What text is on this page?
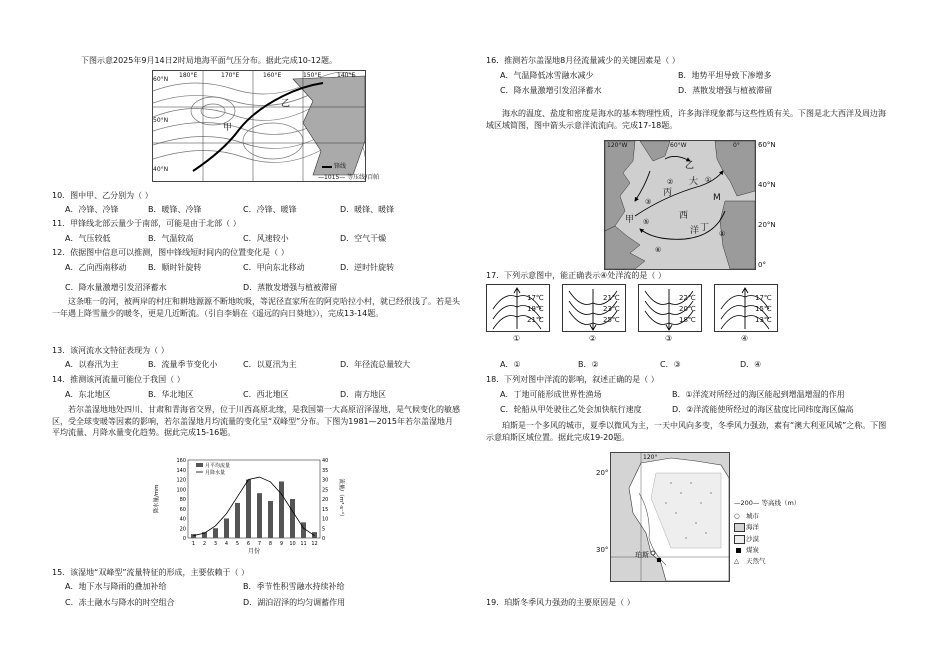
下图示意2025年9月14日2时局地海平面气压分布。据此完成10-12题。
甲
乙
60°N
50°N
40°N
180°E	170°E	160°E	150°E	140°E
锋线
—1015— 等压线/百帕
10．图中甲、乙分别为（ ）
A．冷锋、冷锋	B．暖锋、冷锋	C．冷锋、暖锋	D．暖锋、暖锋
11．甲锋线北部云量少于南部，可能是由于北部（ ）
A．气压较低	B．气温较高	C．风速较小	D．空气干燥
12．依据图中信息可以推测，图中锋线短时间内的位置变化是（ ）
A．乙向西南移动	B．顺时针旋转	C．甲向东北移动	D．逆时针旋转
C．降水量激增引发沼泽蓄水	D．蒸散发增强与植被滞留
这条唯一的河，被两岸的村庄和耕地源源不断地吮吸，等泥径直家所在的阿克哈拉小村，就已经很浅了。若是头一年遇上降雪量少的暖冬，更是几近断流。（引自李娟在《遥远的向日葵地》），完成13-14题。
13．该河流水文特征表现为（ ）
A．以春汛为主	B．流量季节变化小	C．以夏汛为主	D．年径流总量较大
14．推测该河流量可能位于我国（ ）
A．东北地区	B．华北地区	C．西北地区	D．南方地区
若尔盖湿地地处四川、甘肃和青海省交界，位于川西高原北缘，是我国第一大高原沼泽湿地，是气候变化的敏感区，受全球变暖等因素的影响，若尔盖湿地月均流量的变化呈“双峰型”分布。下图为1981—2015年若尔盖湿地月平均流量、月降水量变化趋势。据此完成15-16题。
0
20
40
60
80
100
120
140
160
0
5
10
15
20
25
30
35
40
1 2 3 4 5 6 7 8 9 10 11 12
月份
降水量/mm	流量/（m³·s⁻¹）
月平均流量
月降水量
15．该湿地“双峰型”流量特征的形成，主要依赖于（ ）
A．地下水与降雨的叠加补给	B．季节性积雪融水持续补给
C．冻土融水与降水的时空组合	D．湖泊沼泽的均匀调蓄作用
16．推测若尔盖湿地8月径流量减少的关键因素是（ ）
A．气温降低冰雪融水减少	B．地势平坦导致下渗增多
C．降水量激增引发沼泽蓄水	D．蒸散发增强与植被滞留
海水的温度、盐度和密度是海水的基本物理性质，许多海洋现象都与这些性质有关。下图是北大西洋及周边海域区域简图，图中箭头示意洋流流向。完成17-18题。
120°W	60°W	0°
乙
大
丙
西
洋
甲
丁
M
①
②
③
④
⑤
⑥
60°N
40°N
20°N
0°
17．下列示意图中，能正确表示④处洋流的是（ ）
17℃
19℃
21℃
①
21℃
23℃
25℃
②
22℃
20℃
18℃
③
17℃
15℃
13℃
④
A．①	B．②	C．③	D．④
18．下列对图中洋流的影响，叙述正确的是（ ）
A．丁地可能形成世界性渔场	B．①洋流对所经过的海区能起到增温增湿的作用
C．轮船从甲处驶往乙处会加快航行速度	D．②洋流能使所经过的海区盐度比同纬度海区偏高
珀斯是一个多风的城市，夏季以微风为主，一天中风向多变，冬季风力强劲，素有“澳大利亚风城”之称。下图示意珀斯区域位置。据此完成19-20题。
120°
珀斯
20°
30°
—200— 等高线（m）
○ 城市
海洋
沙漠
煤炭
△ 天然气
19．珀斯冬季风力强劲的主要原因是（ ）
